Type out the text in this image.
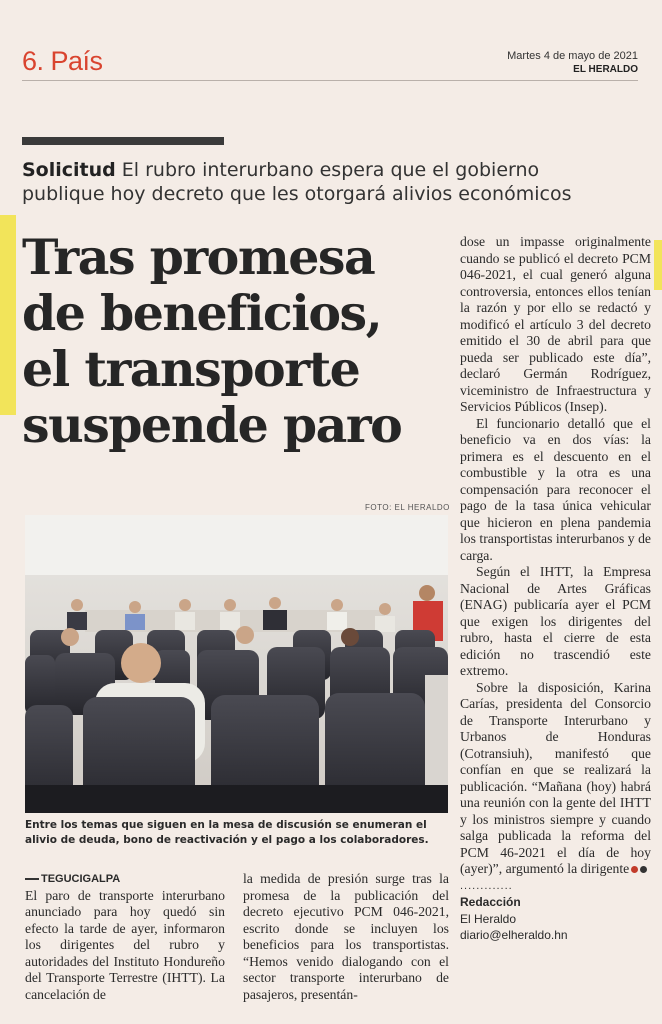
6. País	Martes 4 de mayo de 2021
EL HERALDO
Solicitud El rubro interurbano espera que el gobierno publique hoy decreto que les otorgará alivios económicos
Tras promesa
de beneficios,
el transporte
suspende paro
FOTO: EL HERALDO
Entre los temas que siguen en la mesa de discusión se enumeran el alivio de deuda, bono de reactivación y el pago a los colaboradores.
TEGUCIGALPA

El paro de transporte interurbano anunciado para hoy quedó sin efecto la tarde de ayer, informaron los dirigentes del rubro y autoridades del Instituto Hondureño del Transporte Terrestre (IHTT). La cancelación de

la medida de presión surge tras la promesa de la publicación del decreto ejecutivo PCM 046-2021, escrito donde se incluyen los beneficios para los transportistas. “Hemos venido dialogando con el sector transporte interurbano de pasajeros, presentán-

dose un impasse originalmente cuando se publicó el decreto PCM 046-2021, el cual generó alguna controversia, entonces ellos tenían la razón y por ello se redactó y modificó el artículo 3 del decreto emitido el 30 de abril para que pueda ser publicado este día”, declaró Germán Rodríguez, viceministro de Infraestructura y Servicios Públicos (Insep).

El funcionario detalló que el beneficio va en dos vías: la primera es el descuento en el combustible y la otra es una compensación para reconocer el pago de la tasa única vehicular que hicieron en plena pandemia los transportistas interurbanos y de carga.

Según el IHTT, la Empresa Nacional de Artes Gráficas (ENAG) publicaría ayer el PCM que exigen los dirigentes del rubro, hasta el cierre de esta edición no trascendió este extremo.

Sobre la disposición, Karina Carías, presidenta del Consorcio de Transporte Interurbano y Urbanos de Honduras (Cotransiuh), manifestó que confían en que se realizará la publicación. “Mañana (hoy) habrá una reunión con la gente del IHTT y los ministros siempre y cuando salga publicada la reforma del PCM 46-2021 el día de hoy (ayer)”, argumentó la dirigente

.............
Redacción
El Heraldo
diario@elheraldo.hn
